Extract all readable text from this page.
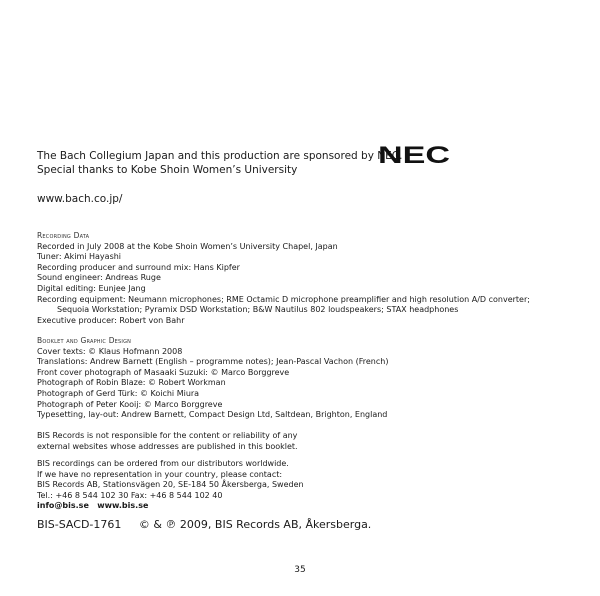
The Bach Collegium Japan and this production are sponsored by NEC.
Special thanks to Kobe Shoin Women’s University
NEC
www.bach.co.jp/
Recording Data
Recorded in July 2008 at the Kobe Shoin Women’s University Chapel, Japan
Tuner: Akimi Hayashi
Recording producer and surround mix: Hans Kipfer
Sound engineer: Andreas Ruge
Digital editing: Eunjee Jang
Recording equipment: Neumann microphones; RME Octamic D microphone preamplifier and high resolution A/D converter;
Sequoia Workstation; Pyramix DSD Workstation; B&W Nautilus 802 loudspeakers; STAX headphones
Executive producer: Robert von Bahr
Booklet and Graphic Design
Cover texts: © Klaus Hofmann 2008
Translations: Andrew Barnett (English – programme notes); Jean-Pascal Vachon (French)
Front cover photograph of Masaaki Suzuki: © Marco Borggreve
Photograph of Robin Blaze: © Robert Workman
Photograph of Gerd Türk: © Koichi Miura
Photograph of Peter Kooij: © Marco Borggreve
Typesetting, lay-out: Andrew Barnett, Compact Design Ltd, Saltdean, Brighton, England
BIS Records is not responsible for the content or reliability of any
external websites whose addresses are published in this booklet.
BIS recordings can be ordered from our distributors worldwide.
If we have no representation in your country, please contact:
BIS Records AB, Stationsvägen 20, SE-184 50 Åkersberga, Sweden
Tel.: +46 8 544 102 30 Fax: +46 8 544 102 40
info@bis.se www.bis.se
BIS-SACD-1761     © & ℗ 2009, BIS Records AB, Åkersberga.
35
